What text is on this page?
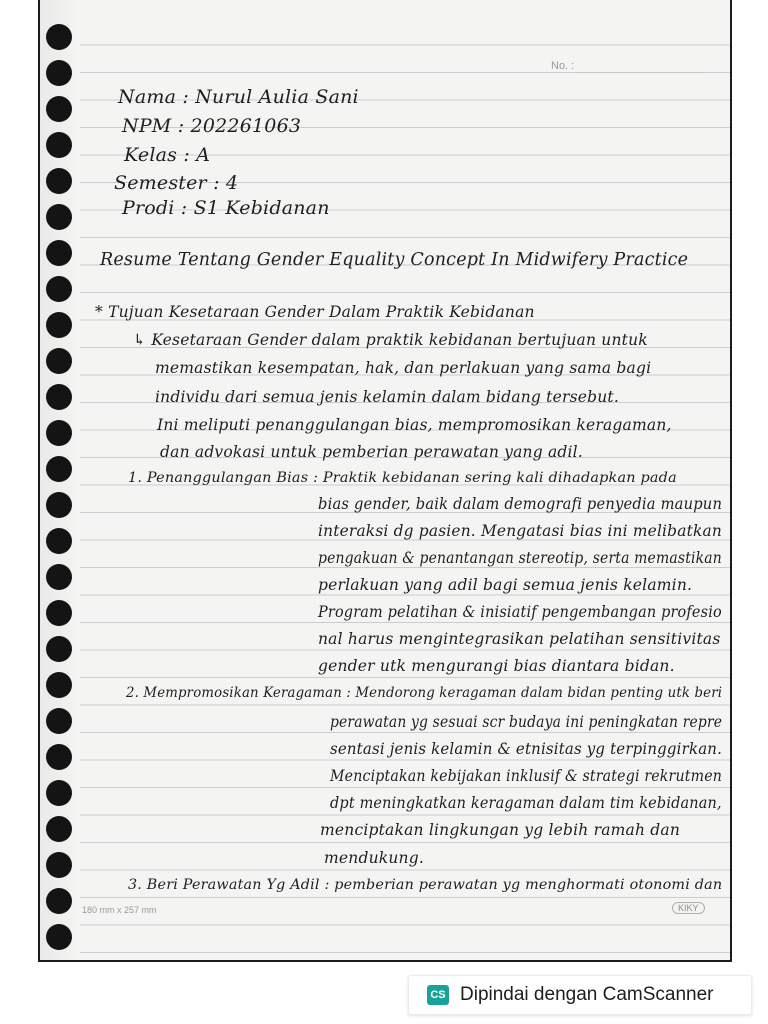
No. :

Nama : Nurul Aulia Sani

NPM : 202261063

Kelas : A

Semester : 4

Prodi : S1 Kebidanan

Resume Tentang Gender Equality Concept In Midwifery Practice

* Tujuan Kesetaraan Gender Dalam Praktik Kebidanan

↳ Kesetaraan Gender dalam praktik kebidanan bertujuan untuk

memastikan kesempatan, hak, dan perlakuan yang sama bagi

individu dari semua jenis kelamin dalam bidang tersebut.

Ini meliputi penanggulangan bias, mempromosikan keragaman,

dan advokasi untuk pemberian perawatan yang adil.

1. Penanggulangan Bias : Praktik kebidanan sering kali dihadapkan pada

bias gender, baik dalam demografi penyedia maupun

interaksi dg pasien. Mengatasi bias ini melibatkan

pengakuan & penantangan stereotip, serta memastikan

perlakuan yang adil bagi semua jenis kelamin.

Program pelatihan & inisiatif pengembangan profesio

nal harus mengintegrasikan pelatihan sensitivitas

gender utk mengurangi bias diantara bidan.

2. Mempromosikan Keragaman : Mendorong keragaman dalam bidan penting utk beri

perawatan yg sesuai scr budaya ini peningkatan repre

sentasi jenis kelamin & etnisitas yg terpinggirkan.

Menciptakan kebijakan inklusif & strategi rekrutmen

dpt meningkatkan keragaman dalam tim kebidanan,

menciptakan lingkungan yg lebih ramah dan

mendukung.

3. Beri Perawatan Yg Adil : pemberian perawatan yg menghormati otonomi dan

180 mm x 257 mm	KIKY
CS Dipindai dengan CamScanner
